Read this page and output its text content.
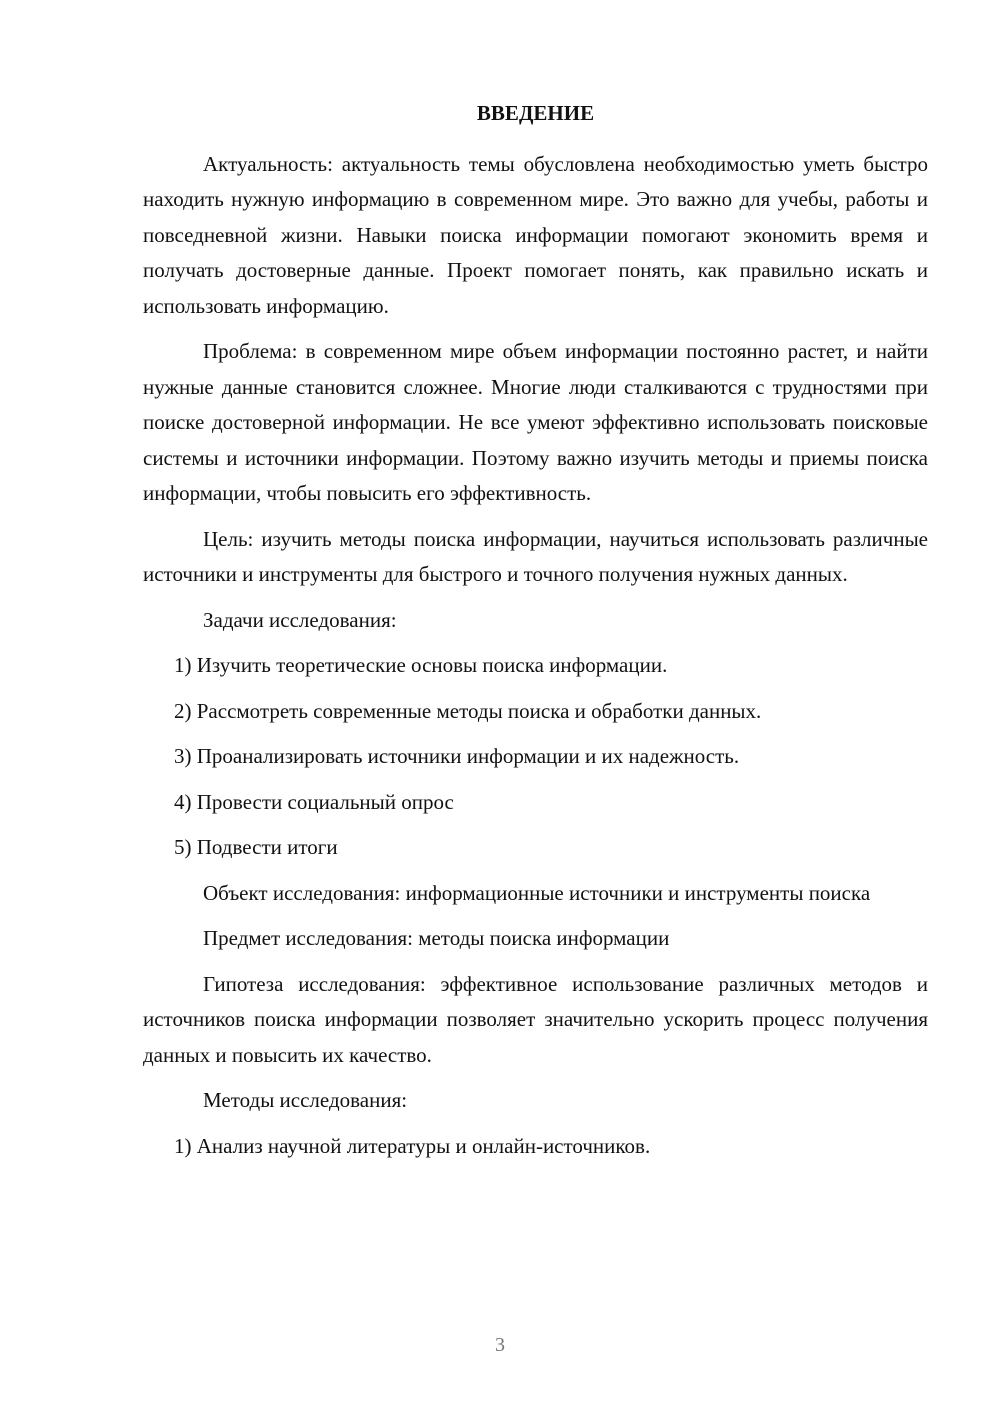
ВВЕДЕНИЕ

Актуальность: актуальность темы обусловлена необходимостью уметь быстро находить нужную информацию в современном мире. Это важно для учебы, работы и повседневной жизни. Навыки поиска информации помогают экономить время и получать достоверные данные. Проект помогает понять, как правильно искать и использовать информацию.

Проблема: в современном мире объем информации постоянно растет, и найти нужные данные становится сложнее. Многие люди сталкиваются с трудностями при поиске достоверной информации. Не все умеют эффективно использовать поисковые системы и источники информации. Поэтому важно изучить методы и приемы поиска информации, чтобы повысить его эффективность.

Цель: изучить методы поиска информации, научиться использовать различные источники и инструменты для быстрого и точного получения нужных данных.

Задачи исследования:

1) Изучить теоретические основы поиска информации.

2) Рассмотреть современные методы поиска и обработки данных.

3) Проанализировать источники информации и их надежность.

4) Провести социальный опрос

5) Подвести итоги

Объект исследования: информационные источники и инструменты поиска

Предмет исследования: методы поиска информации

Гипотеза исследования: эффективное использование различных методов и источников поиска информации позволяет значительно ускорить процесс получения данных и повысить их качество.

Методы исследования:

1) Анализ научной литературы и онлайн-источников.

3
